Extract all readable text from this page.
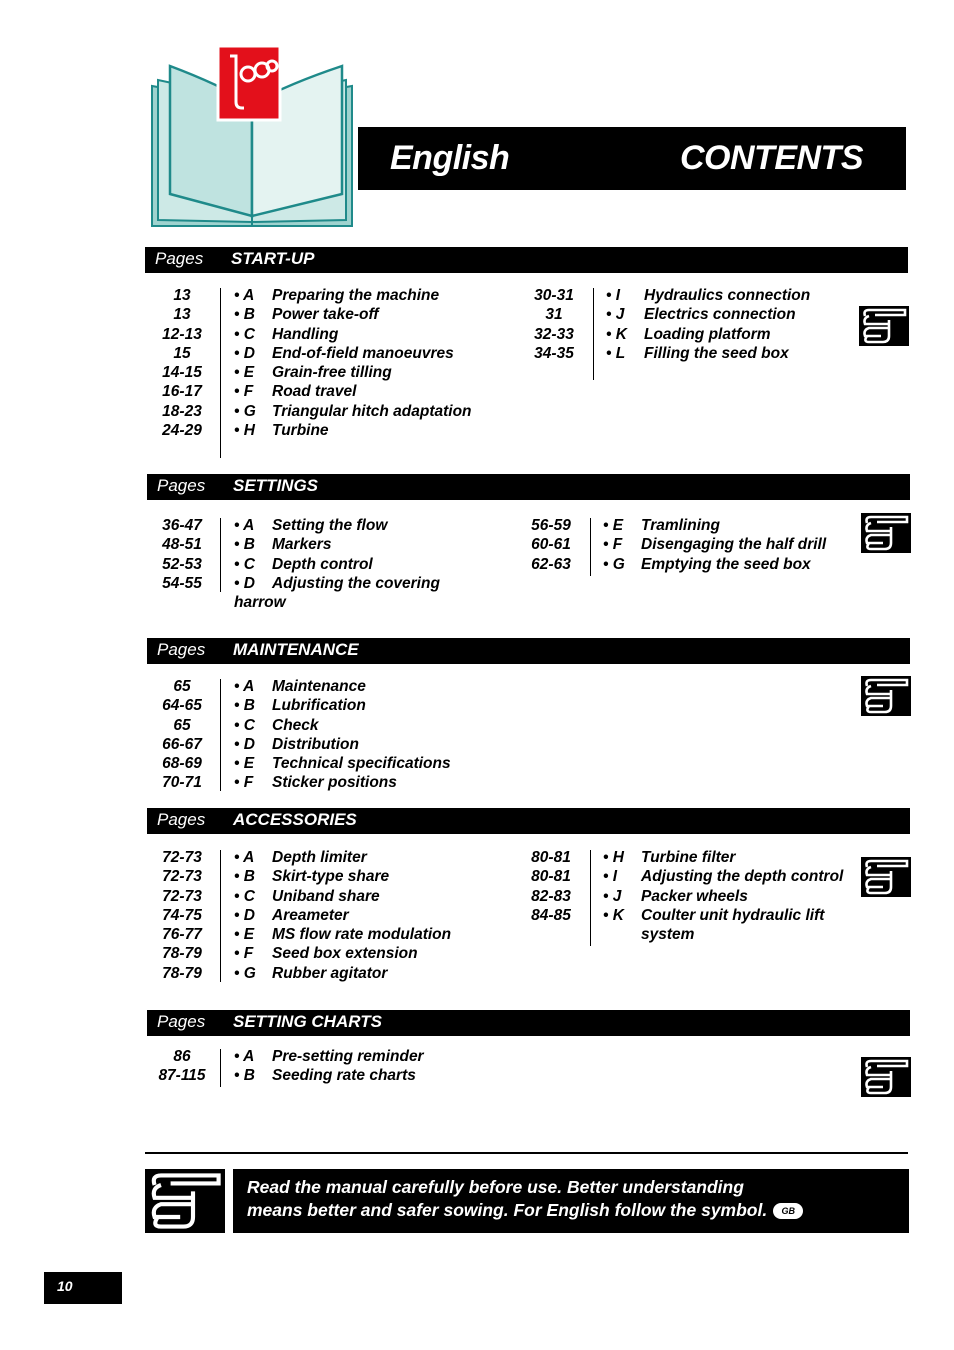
English	CONTENTS
Pages START-UP
13
13
12-13
15
14-15
16-17
18-23
24-29
• A Preparing the machine
• B Power take-off
• C Handling
• D End-of-field manoeuvres
• E Grain-free tilling
• F Road travel
• G Triangular hitch adaptation
• H Turbine
30-31
31
32-33
34-35
• I Hydraulics connection
• J Electrics connection
• K Loading platform
• L Filling the seed box
Pages SETTINGS
36-47
48-51
52-53
54-55
• A Setting the flow
• B Markers
• C Depth control
• D Adjusting the covering
harrow
56-59
60-61
62-63
• E Tramlining
• F Disengaging the half drill
• G Emptying the seed box
Pages MAINTENANCE
65
64-65
65
66-67
68-69
70-71
• A Maintenance
• B Lubrification
• C Check
• D Distribution
• E Technical specifications
• F Sticker positions
Pages ACCESSORIES
72-73
72-73
72-73
74-75
76-77
78-79
78-79
• A Depth limiter
• B Skirt-type share
• C Uniband share
• D Areameter
• E MS flow rate modulation
• F Seed box extension
• G Rubber agitator
80-81
80-81
82-83
84-85
• H Turbine filter
• I Adjusting the depth control
• J Packer wheels
• K Coulter unit hydraulic lift
system
Pages SETTING CHARTS
86
87-115
• A Pre-setting reminder
• B Seeding rate charts
Read the manual carefully before use. Better understanding
means better and safer sowing. For English follow the symbol. GB
10
